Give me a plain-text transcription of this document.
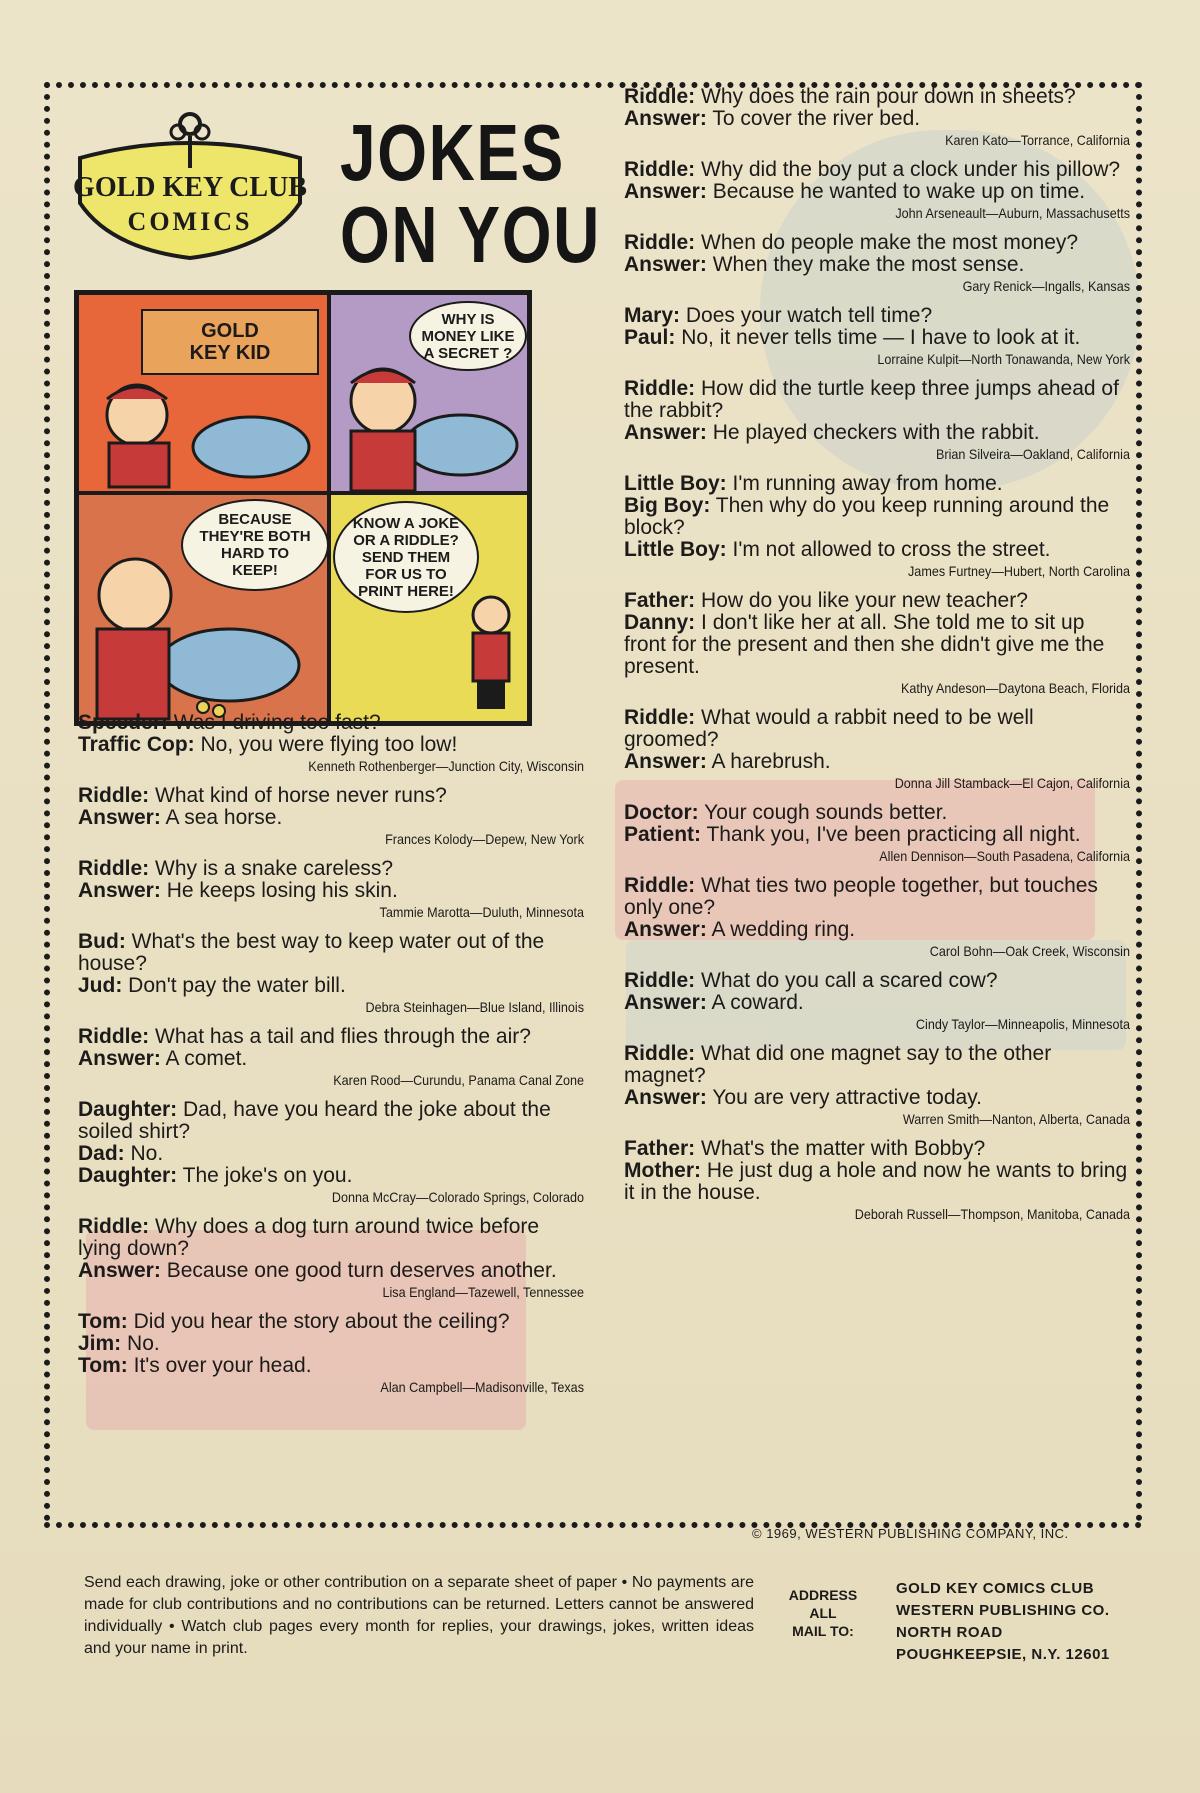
GOLD KEY CLUB
COMICS
JOKES
ON YOU
GOLD
KEY KID
WHY IS
MONEY LIKE
A SECRET ?
BECAUSE
THEY'RE BOTH
HARD TO
KEEP!
KNOW A JOKE
OR A RIDDLE?
SEND THEM
FOR US TO
PRINT HERE!
Speeder: Was I driving too fast?
Traffic Cop: No, you were flying too low!
Kenneth Rothenberger—Junction City, Wisconsin
Riddle: What kind of horse never runs?
Answer: A sea horse.
Frances Kolody—Depew, New York
Riddle: Why is a snake careless?
Answer: He keeps losing his skin.
Tammie Marotta—Duluth, Minnesota
Bud: What's the best way to keep water out of the house?
Jud: Don't pay the water bill.
Debra Steinhagen—Blue Island, Illinois
Riddle: What has a tail and flies through the air?
Answer: A comet.
Karen Rood—Curundu, Panama Canal Zone
Daughter: Dad, have you heard the joke about the soiled shirt?
Dad: No.
Daughter: The joke's on you.
Donna McCray—Colorado Springs, Colorado
Riddle: Why does a dog turn around twice before lying down?
Answer: Because one good turn deserves another.
Lisa England—Tazewell, Tennessee
Tom: Did you hear the story about the ceiling?
Jim: No.
Tom: It's over your head.
Alan Campbell—Madisonville, Texas
Riddle: Why does the rain pour down in sheets?
Answer: To cover the river bed.
Karen Kato—Torrance, California
Riddle: Why did the boy put a clock under his pillow?
Answer: Because he wanted to wake up on time.
John Arseneault—Auburn, Massachusetts
Riddle: When do people make the most money?
Answer: When they make the most sense.
Gary Renick—Ingalls, Kansas
Mary: Does your watch tell time?
Paul: No, it never tells time — I have to look at it.
Lorraine Kulpit—North Tonawanda, New York
Riddle: How did the turtle keep three jumps ahead of the rabbit?
Answer: He played checkers with the rabbit.
Brian Silveira—Oakland, California
Little Boy: I'm running away from home.
Big Boy: Then why do you keep running around the block?
Little Boy: I'm not allowed to cross the street.
James Furtney—Hubert, North Carolina
Father: How do you like your new teacher?
Danny: I don't like her at all. She told me to sit up front for the present and then she didn't give me the present.
Kathy Andeson—Daytona Beach, Florida
Riddle: What would a rabbit need to be well groomed?
Answer: A harebrush.
Donna Jill Stamback—El Cajon, California
Doctor: Your cough sounds better.
Patient: Thank you, I've been practicing all night.
Allen Dennison—South Pasadena, California
Riddle: What ties two people together, but touches only one?
Answer: A wedding ring.
Carol Bohn—Oak Creek, Wisconsin
Riddle: What do you call a scared cow?
Answer: A coward.
Cindy Taylor—Minneapolis, Minnesota
Riddle: What did one magnet say to the other magnet?
Answer: You are very attractive today.
Warren Smith—Nanton, Alberta, Canada
Father: What's the matter with Bobby?
Mother: He just dug a hole and now he wants to bring it in the house.
Deborah Russell—Thompson, Manitoba, Canada
© 1969, WESTERN PUBLISHING COMPANY, INC.
Send each drawing, joke or other contribution on a separate sheet of paper • No payments are made for club contributions and no contributions can be returned. Letters cannot be answered individually • Watch club pages every month for replies, your drawings, jokes, written ideas and your name in print.
ADDRESS
ALL
MAIL TO:
GOLD KEY COMICS CLUB
WESTERN PUBLISHING CO.
NORTH ROAD
POUGHKEEPSIE, N.Y. 12601
